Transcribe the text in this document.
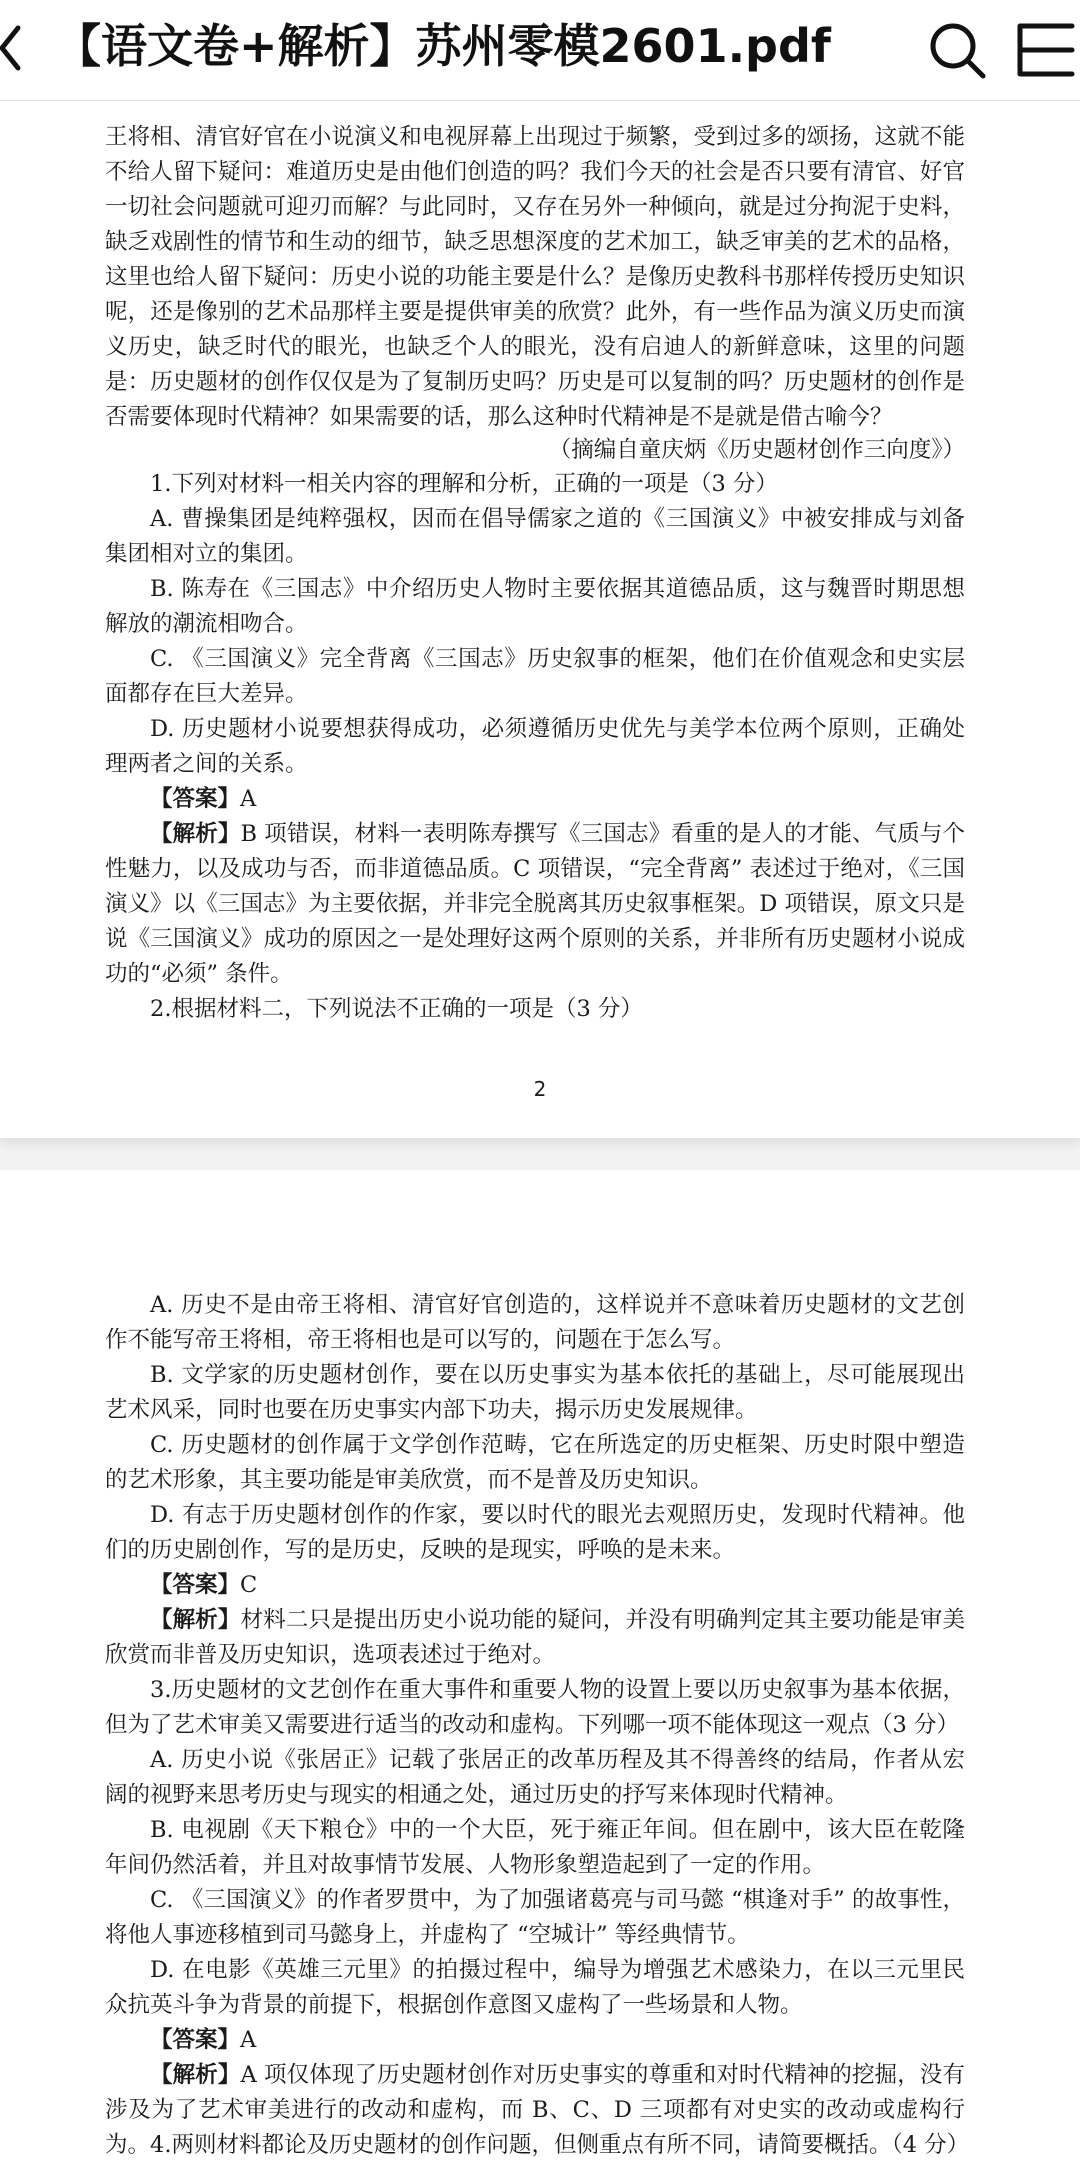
王将相、清官好官在小说演义和电视屏幕上出现过于频繁，受到过多的颂扬，这就不能不给人留下疑问：难道历史是由他们创造的吗？我们今天的社会是否只要有清官、好官一切社会问题就可迎刃而解？与此同时，又存在另外一种倾向，就是过分拘泥于史料，缺乏戏剧性的情节和生动的细节，缺乏思想深度的艺术加工，缺乏审美的艺术的品格，这里也给人留下疑问：历史小说的功能主要是什么？是像历史教科书那样传授历史知识呢，还是像别的艺术品那样主要是提供审美的欣赏？此外，有一些作品为演义历史而演义历史，缺乏时代的眼光，也缺乏个人的眼光，没有启迪人的新鲜意味，这里的问题是：历史题材的创作仅仅是为了复制历史吗？历史是可以复制的吗？历史题材的创作是否需要体现时代精神？如果需要的话，那么这种时代精神是不是就是借古喻今？
（摘编自童庆炳《历史题材创作三向度》）
1.下列对材料一相关内容的理解和分析，正确的一项是（3 分）
A. 曹操集团是纯粹强权，因而在倡导儒家之道的《三国演义》中被安排成与刘备集团相对立的集团。
B. 陈寿在《三国志》中介绍历史人物时主要依据其道德品质，这与魏晋时期思想解放的潮流相吻合。
C. 《三国演义》完全背离《三国志》历史叙事的框架，他们在价值观念和史实层面都存在巨大差异。
D. 历史题材小说要想获得成功，必须遵循历史优先与美学本位两个原则，正确处理两者之间的关系。
【答案】A
【解析】B 项错误，材料一表明陈寿撰写《三国志》看重的是人的才能、气质与个性魅力，以及成功与否，而非道德品质。C 项错误，“完全背离” 表述过于绝对，《三国演义》以《三国志》为主要依据，并非完全脱离其历史叙事框架。D 项错误，原文只是说《三国演义》成功的原因之一是处理好这两个原则的关系，并非所有历史题材小说成功的“必须” 条件。
2.根据材料二，下列说法不正确的一项是（3 分）
2
A. 历史不是由帝王将相、清官好官创造的，这样说并不意味着历史题材的文艺创作不能写帝王将相，帝王将相也是可以写的，问题在于怎么写。
B. 文学家的历史题材创作，要在以历史事实为基本依托的基础上，尽可能展现出艺术风采，同时也要在历史事实内部下功夫，揭示历史发展规律。
C. 历史题材的创作属于文学创作范畴，它在所选定的历史框架、历史时限中塑造的艺术形象，其主要功能是审美欣赏，而不是普及历史知识。
D. 有志于历史题材创作的作家，要以时代的眼光去观照历史，发现时代精神。他们的历史剧创作，写的是历史，反映的是现实，呼唤的是未来。
【答案】C
【解析】材料二只是提出历史小说功能的疑问，并没有明确判定其主要功能是审美欣赏而非普及历史知识，选项表述过于绝对。
3.历史题材的文艺创作在重大事件和重要人物的设置上要以历史叙事为基本依据，但为了艺术审美又需要进行适当的改动和虚构。下列哪一项不能体现这一观点（3 分）
A. 历史小说《张居正》记载了张居正的改革历程及其不得善终的结局，作者从宏阔的视野来思考历史与现实的相通之处，通过历史的抒写来体现时代精神。
B. 电视剧《天下粮仓》中的一个大臣，死于雍正年间。但在剧中，该大臣在乾隆年间仍然活着，并且对故事情节发展、人物形象塑造起到了一定的作用。
C. 《三国演义》的作者罗贯中，为了加强诸葛亮与司马懿 “棋逢对手” 的故事性，将他人事迹移植到司马懿身上，并虚构了 “空城计” 等经典情节。
D. 在电影《英雄三元里》的拍摄过程中，编导为增强艺术感染力，在以三元里民众抗英斗争为背景的前提下，根据创作意图又虚构了一些场景和人物。
【答案】A
【解析】A 项仅体现了历史题材创作对历史事实的尊重和对时代精神的挖掘，没有涉及为了艺术审美进行的改动和虚构，而 B、C、D 三项都有对史实的改动或虚构行为。 4.两则材料都论及历史题材的创作问题，但侧重点有所不同，请简要概括。（4 分）
【语文卷+解析】苏州零模2601.pdf
